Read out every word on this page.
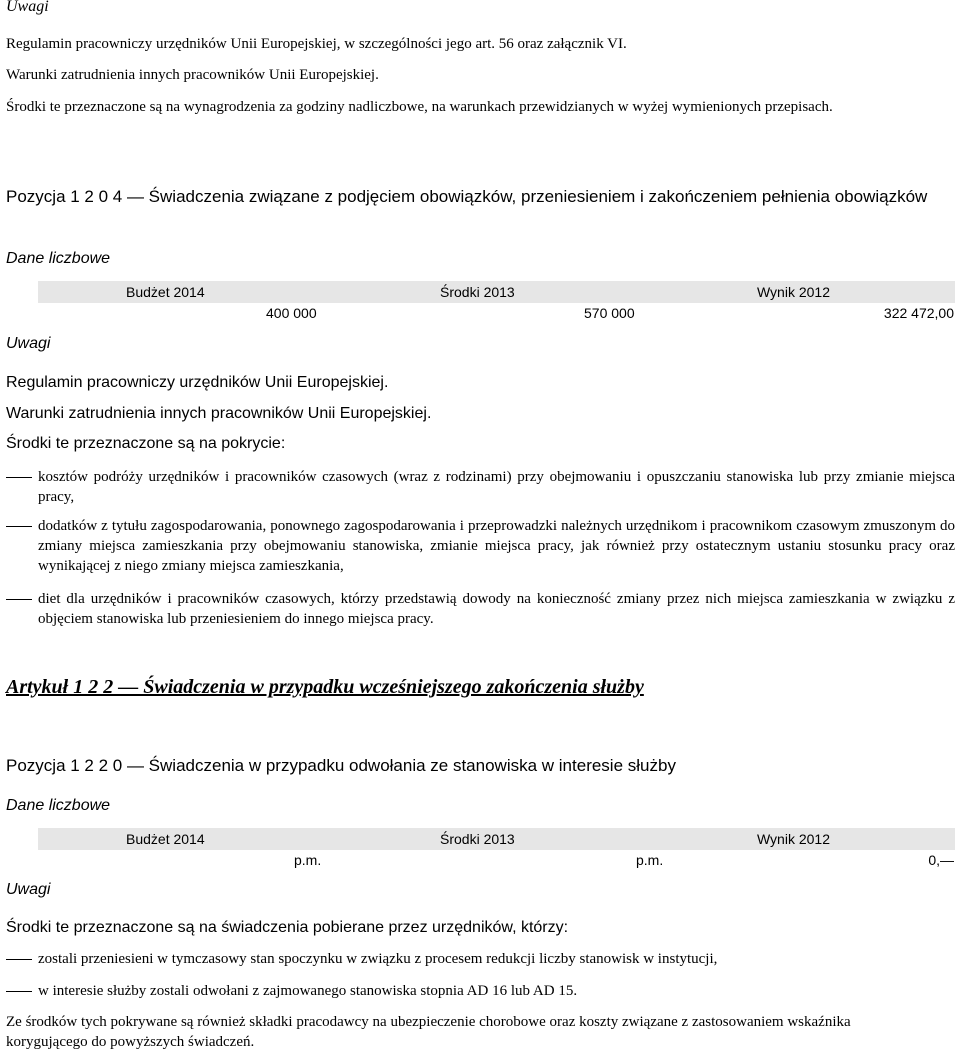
Uwagi
Regulamin pracowniczy urzędników Unii Europejskiej, w szczególności jego art. 56 oraz załącznik VI.
Warunki zatrudnienia innych pracowników Unii Europejskiej.
Środki te przeznaczone są na wynagrodzenia za godziny nadliczbowe, na warunkach przewidzianych w wyżej wymienionych przepisach.
Pozycja 1 2 0 4 — Świadczenia związane z podjęciem obowiązków, przeniesieniem i zakończeniem pełnienia obowiązków
Dane liczbowe
Budżet 2014	Środki 2013	Wynik 2012
400 000	570 000	322 472,00
Uwagi
Regulamin pracowniczy urzędników Unii Europejskiej.
Warunki zatrudnienia innych pracowników Unii Europejskiej.
Środki te przeznaczone są na pokrycie:
kosztów podróży urzędników i pracowników czasowych (wraz z rodzinami) przy obejmowaniu i opuszczaniu stanowiska lub przy zmianie miejsca pracy,
dodatków z tytułu zagospodarowania, ponownego zagospodarowania i przeprowadzki należnych urzędnikom i pracownikom czasowym zmuszonym do zmiany miejsca zamieszkania przy obejmowaniu stanowiska, zmianie miejsca pracy, jak również przy ostatecznym ustaniu stosunku pracy oraz wynikającej z niego zmiany miejsca zamieszkania,
diet dla urzędników i pracowników czasowych, którzy przedstawią dowody na konieczność zmiany przez nich miejsca zamieszkania w związku z objęciem stanowiska lub przeniesieniem do innego miejsca pracy.
Artykuł 1 2 2 — Świadczenia w przypadku wcześniejszego zakończenia służby
Pozycja 1 2 2 0 — Świadczenia w przypadku odwołania ze stanowiska w interesie służby
Dane liczbowe
Budżet 2014	Środki 2013	Wynik 2012
p.m.	p.m.	0,—
Uwagi
Środki te przeznaczone są na świadczenia pobierane przez urzędników, którzy:
zostali przeniesieni w tymczasowy stan spoczynku w związku z procesem redukcji liczby stanowisk w instytucji,
w interesie służby zostali odwołani z zajmowanego stanowiska stopnia AD 16 lub AD 15.
Ze środków tych pokrywane są również składki pracodawcy na ubezpieczenie chorobowe oraz koszty związane z zastosowaniem wskaźnika korygującego do powyższych świadczeń.
